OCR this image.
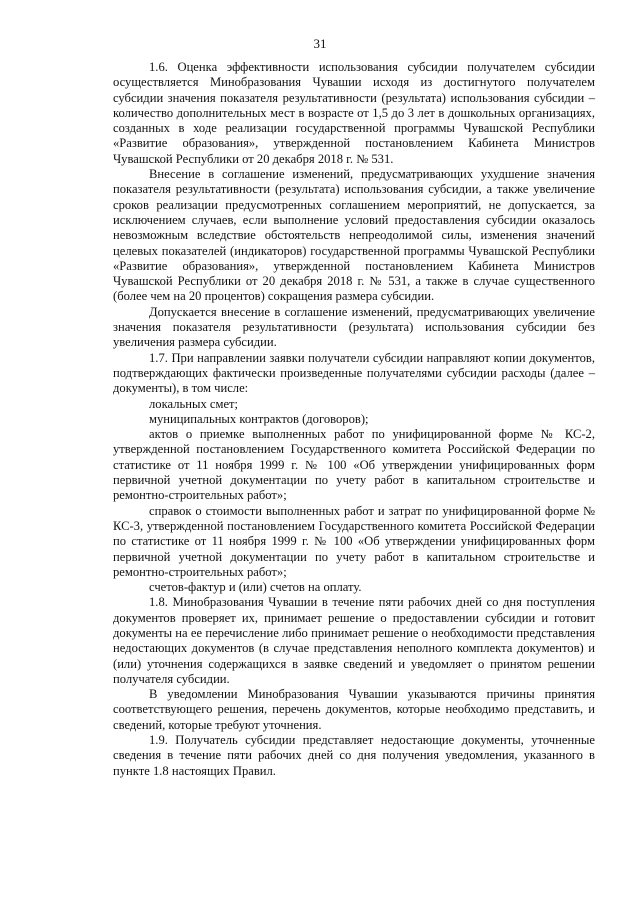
31

1.6. Оценка эффективности использования субсидии получателем субсидии осуществляется Минобразования Чувашии исходя из достигнутого получателем субсидии значения показателя результативности (результата) использования субсидии – количество дополнительных мест в возрасте от 1,5 до 3 лет в дошкольных организациях, созданных в ходе реализации государственной программы Чувашской Республики «Развитие образования», утвержденной постановлением Кабинета Министров Чувашской Республики от 20 декабря 2018 г. № 531.

Внесение в соглашение изменений, предусматривающих ухудшение значения показателя результативности (результата) использования субсидии, а также увеличение сроков реализации предусмотренных соглашением мероприятий, не допускается, за исключением случаев, если выполнение условий предоставления субсидии оказалось невозможным вследствие обстоятельств непреодолимой силы, изменения значений целевых показателей (индикаторов) государственной программы Чувашской Республики «Развитие образования», утвержденной постановлением Кабинета Министров Чувашской Республики от 20 декабря 2018 г. № 531, а также в случае существенного (более чем на 20 процентов) сокращения размера субсидии.

Допускается внесение в соглашение изменений, предусматривающих увеличение значения показателя результативности (результата) использования субсидии без увеличения размера субсидии.

1.7. При направлении заявки получатели субсидии направляют копии документов, подтверждающих фактически произведенные получателями субсидии расходы (далее – документы), в том числе:

локальных смет;

муниципальных контрактов (договоров);

актов о приемке выполненных работ по унифицированной форме № КС-2, утвержденной постановлением Государственного комитета Российской Федерации по статистике от 11 ноября 1999 г. № 100 «Об утверждении унифицированных форм первичной учетной документации по учету работ в капитальном строительстве и ремонтно-строительных работ»;

справок о стоимости выполненных работ и затрат по унифицированной форме № КС-3, утвержденной постановлением Государственного комитета Российской Федерации по статистике от 11 ноября 1999 г. № 100 «Об утверждении унифицированных форм первичной учетной документации по учету работ в капитальном строительстве и ремонтно-строительных работ»;

счетов-фактур и (или) счетов на оплату.

1.8. Минобразования Чувашии в течение пяти рабочих дней со дня поступления документов проверяет их, принимает решение о предоставлении субсидии и готовит документы на ее перечисление либо принимает решение о необходимости представления недостающих документов (в случае представления неполного комплекта документов) и (или) уточнения содержащихся в заявке сведений и уведомляет о принятом решении получателя субсидии.

В уведомлении Минобразования Чувашии указываются причины принятия соответствующего решения, перечень документов, которые необходимо представить, и сведений, которые требуют уточнения.

1.9. Получатель субсидии представляет недостающие документы, уточненные сведения в течение пяти рабочих дней со дня получения уведомления, указанного в пункте 1.8 настоящих Правил.
